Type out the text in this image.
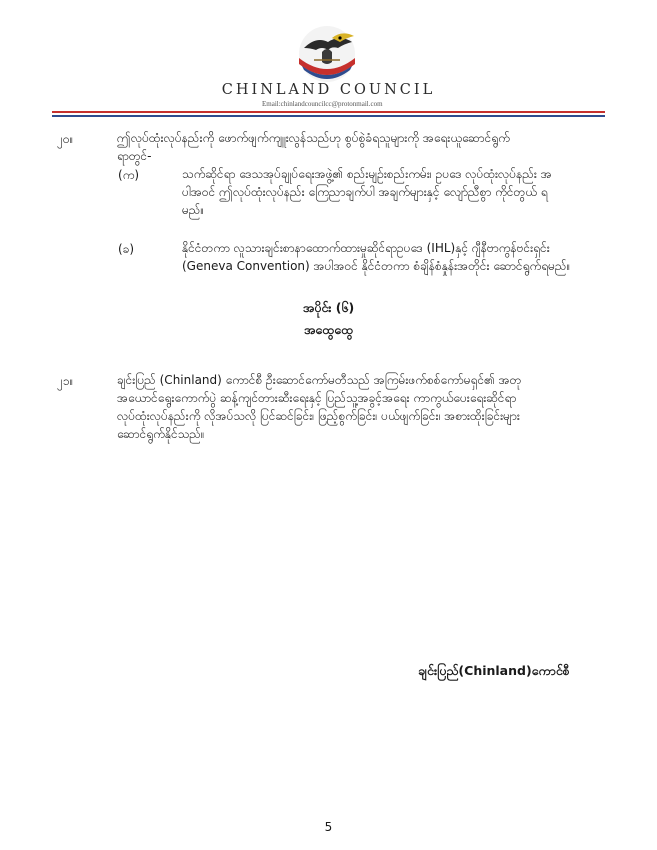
CHINLAND COUNCIL
Email:chinlandcouncilcc@protonmail.com
၂၀။	ဤလုပ်ထုံးလုပ်နည်းကို ဖောက်ဖျက်ကျူးလွန်သည်ဟု စွပ်စွဲခံရသူများကို အရေးယူဆောင်ရွက်
ရာတွင်-
(က)	သက်ဆိုင်ရာ ဒေသအုပ်ချုပ်ရေးအဖွဲ့၏ စည်းမျဉ်းစည်းကမ်း၊ ဥပဒေ လုပ်ထုံးလုပ်နည်း အ
ပါအဝင် ဤလုပ်ထုံးလုပ်နည်း ကြေညာချက်ပါ အချက်များနှင့် လျော်ညီစွာ ကိုင်တွယ် ရ
မည်။
(ခ)	နိုင်ငံတကာ လူသားချင်းစာနာထောက်ထားမှုဆိုင်ရာဥပဒေ (IHL)နှင့် ဂျီနီဗာကွန်ဗင်းရှင်း
(Geneva Convention) အပါအဝင် နိုင်ငံတကာ စံချိန်စံနှုန်းအတိုင်း ဆောင်ရွက်ရမည်။
အပိုင်း (၆)
အထွေထွေ
၂၁။	ချင်းပြည် (Chinland) ကောင်စီ ဦးဆောင်ကော်မတီသည် အကြမ်းဖက်စစ်ကော်မရှင်၏ အတု
အယောင်ရွေးကောက်ပွဲ ဆန့်ကျင်တားဆီးရေးနှင့် ပြည်သူ့အခွင့်အရေး ကာကွယ်ပေးရေးဆိုင်ရာ
လုပ်ထုံးလုပ်နည်းကို လိုအပ်သလို ပြင်ဆင်ခြင်း၊ ဖြည့်စွက်ခြင်း၊ ပယ်ဖျက်ခြင်း၊ အစားထိုးခြင်းများ
ဆောင်ရွက်နိုင်သည်။
ချင်းပြည်(Chinland)ကောင်စီ
5
